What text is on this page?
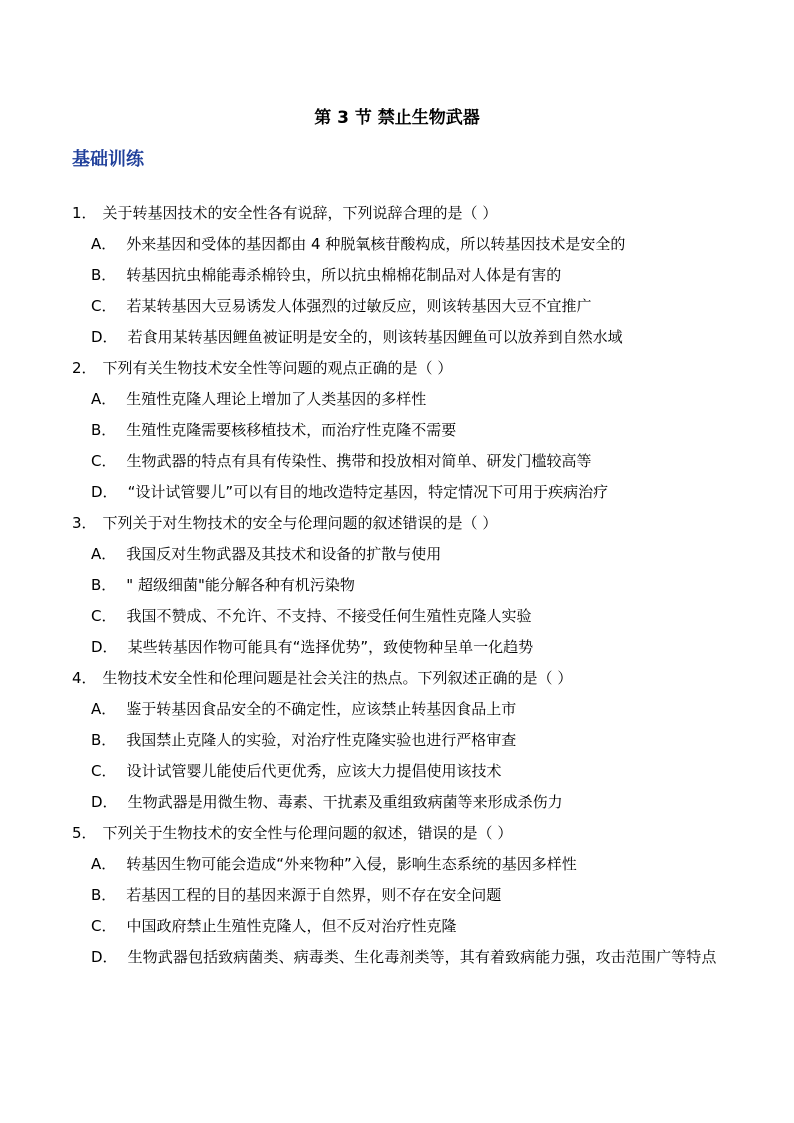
第 3 节 禁止生物武器
基础训练
1． 关于转基因技术的安全性各有说辞，下列说辞合理的是（ ）
A． 外来基因和受体的基因都由 4 种脱氧核苷酸构成，所以转基因技术是安全的
B． 转基因抗虫棉能毒杀棉铃虫，所以抗虫棉棉花制品对人体是有害的
C． 若某转基因大豆易诱发人体强烈的过敏反应，则该转基因大豆不宜推广
D． 若食用某转基因鲤鱼被证明是安全的，则该转基因鲤鱼可以放养到自然水域
2． 下列有关生物技术安全性等问题的观点正确的是（ ）
A． 生殖性克隆人理论上增加了人类基因的多样性
B． 生殖性克隆需要核移植技术，而治疗性克隆不需要
C． 生物武器的特点有具有传染性、携带和投放相对简单、研发门槛较高等
D． “设计试管婴儿”可以有目的地改造特定基因，特定情况下可用于疾病治疗
3． 下列关于对生物技术的安全与伦理问题的叙述错误的是（ ）
A． 我国反对生物武器及其技术和设备的扩散与使用
B． " 超级细菌"能分解各种有机污染物
C． 我国不赞成、不允许、不支持、不接受任何生殖性克隆人实验
D． 某些转基因作物可能具有“选择优势”，致使物种呈单一化趋势
4． 生物技术安全性和伦理问题是社会关注的热点。下列叙述正确的是（ ）
A． 鉴于转基因食品安全的不确定性，应该禁止转基因食品上市
B． 我国禁止克隆人的实验，对治疗性克隆实验也进行严格审查
C． 设计试管婴儿能使后代更优秀，应该大力提倡使用该技术
D． 生物武器是用微生物、毒素、干扰素及重组致病菌等来形成杀伤力
5． 下列关于生物技术的安全性与伦理问题的叙述，错误的是（ ）
A． 转基因生物可能会造成“外来物种”入侵，影响生态系统的基因多样性
B． 若基因工程的目的基因来源于自然界，则不存在安全问题
C． 中国政府禁止生殖性克隆人，但不反对治疗性克隆
D． 生物武器包括致病菌类、病毒类、生化毒剂类等，其有着致病能力强，攻击范围广等特点
